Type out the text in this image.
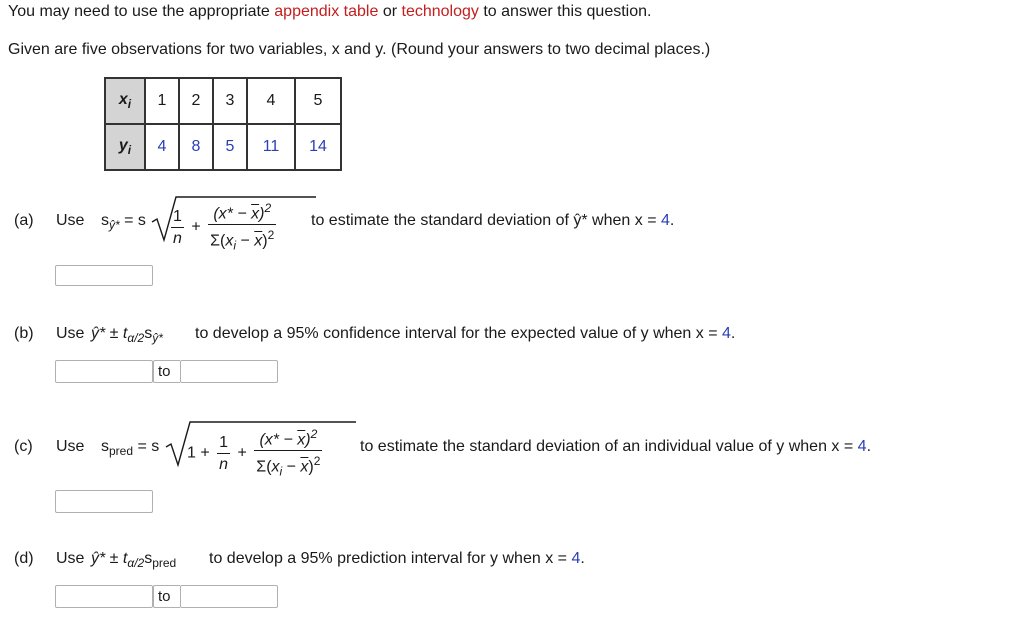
You may need to use the appropriate appendix table or technology to answer this question.
Given are five observations for two variables, x and y. (Round your answers to two decimal places.)
$x_i$	1	2	3	4	5
$y_i$	4	8	5	11	14
(a) Use $s_{ŷ*} = s \frac{1}{n} + \frac{(x* - \overline{x})^2}{\Sigma(x_i - \overline{x})^2}$ to estimate the standard deviation of ŷ* when x = 4.
(b) Use ŷ* ± $t_{\alpha/2}s_{ŷ*}$ to develop a 95% confidence interval for the expected value of y when x = 4.
to
(c) Use $s_{pred} = s$ $1 + \frac{1}{n} + \frac{(x* - \overline{x})^2}{\Sigma(x_i - \overline{x})^2}$ to estimate the standard deviation of an individual value of y when x = 4.
(d) Use ŷ* ± $t_{\alpha/2}s_{pred}$ to develop a 95% prediction interval for y when x = 4.
to
